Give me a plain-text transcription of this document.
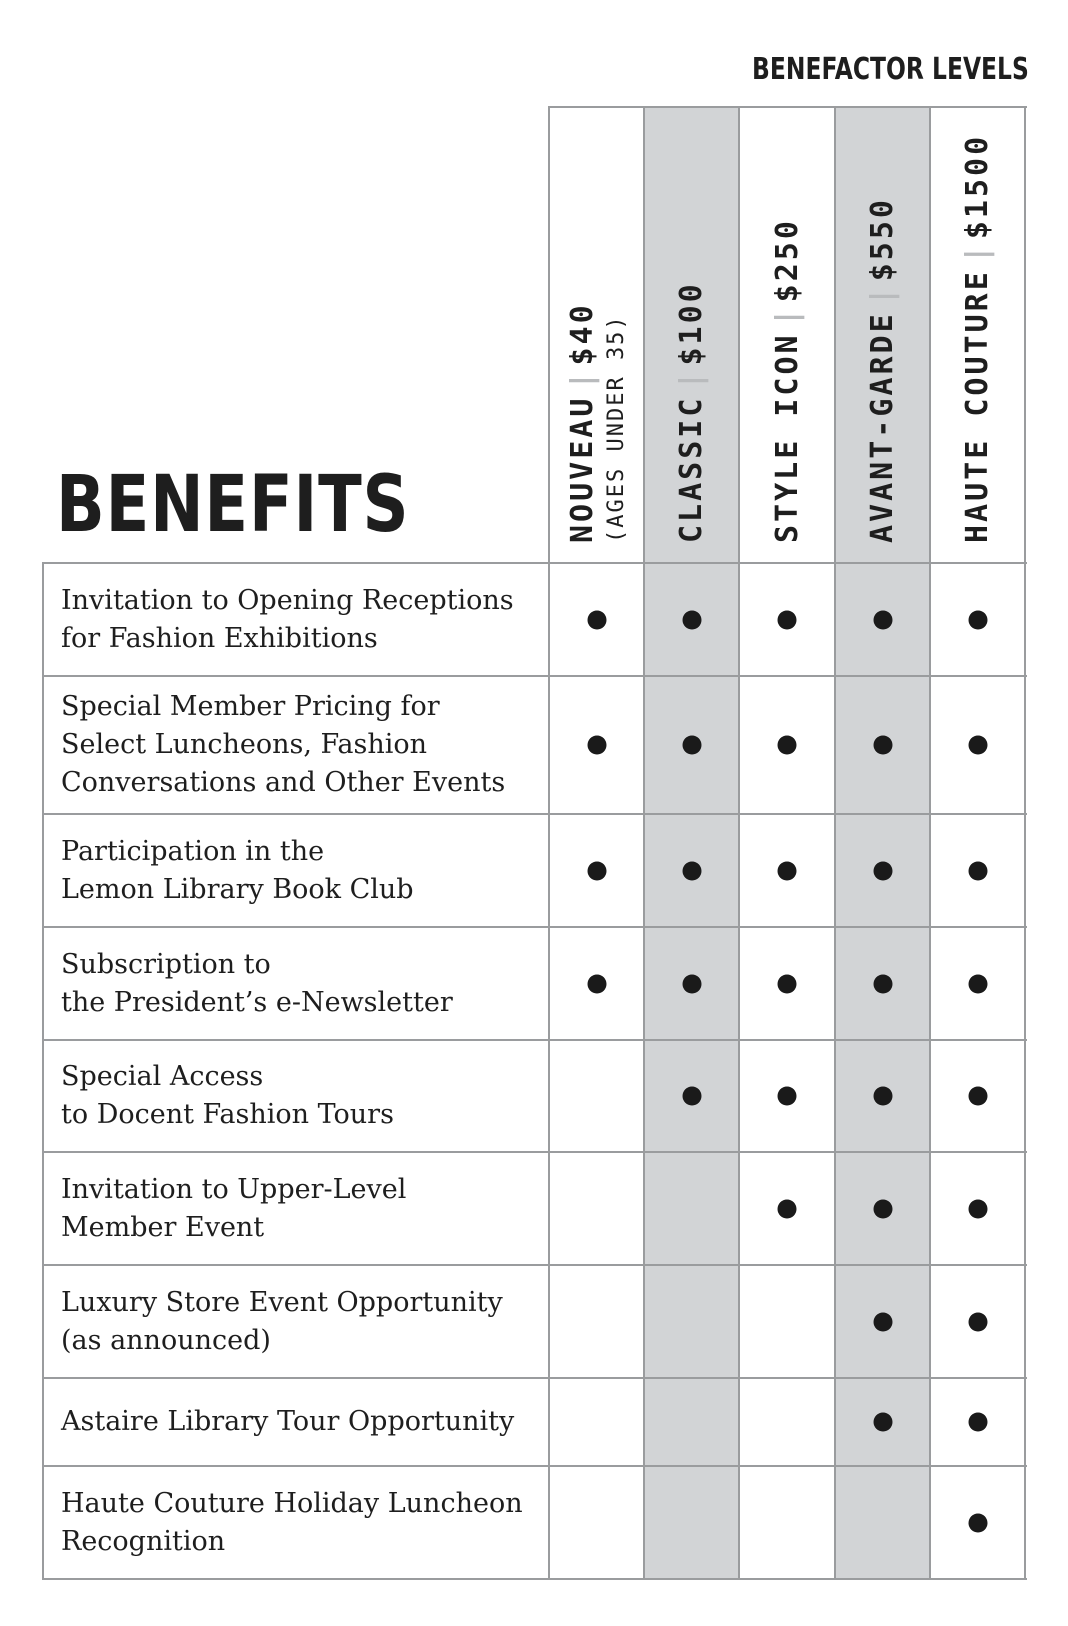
BENEFACTOR LEVELS
BENEFITS	NOUVEAU|$40 (AGES UNDER 35) CLASSIC|$100
STYLE ICON|$250
AVANT-GARDE|$550
HAUTE COUTURE|$1500
Invitation to Opening Receptions
for Fashion Exhibitions
Special Member Pricing for
Select Luncheons, Fashion
Conversations and Other Events
Participation in the
Lemon Library Book Club
Subscription to
the President’s e-Newsletter
Special Access
to Docent Fashion Tours
Invitation to Upper-Level
Member Event
Luxury Store Event Opportunity
(as announced)
Astaire Library Tour Opportunity
Haute Couture Holiday Luncheon
Recognition
